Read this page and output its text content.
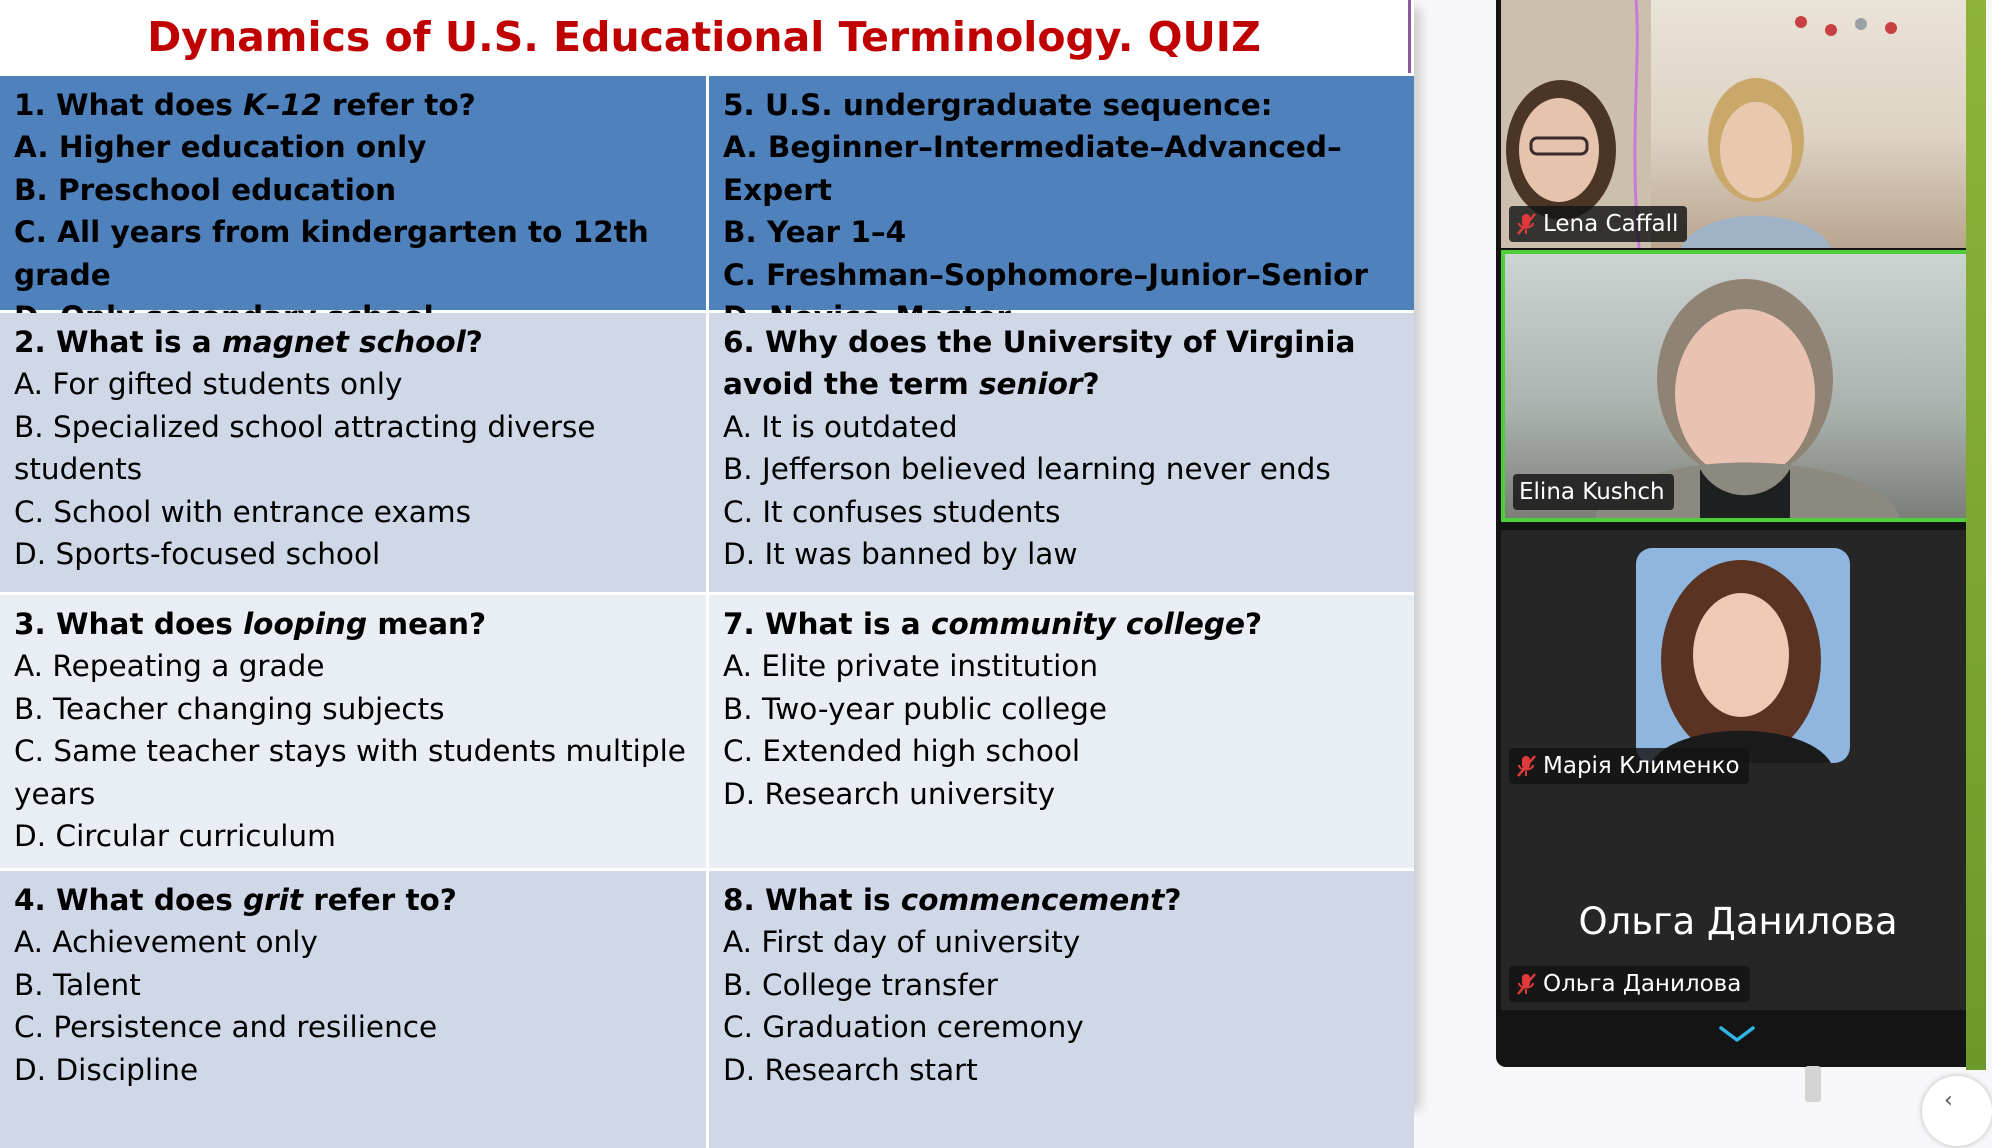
Dynamics of U.S. Educational Terminology. QUIZ
1. What does K–12 refer to?
A. Higher education only
B. Preschool education
C. All years from kindergarten to 12th grade
5. U.S. undergraduate sequence:
A. Beginner–Intermediate–Advanced–Expert
B. Year 1–4
C. Freshman–Sophomore–Junior–Senior
2. What is a magnet school?
A. For gifted students only
B. Specialized school attracting diverse students
C. School with entrance exams
D. Sports-focused school
6. Why does the University of Virginia avoid the term senior?
A. It is outdated
B. Jefferson believed learning never ends
C. It confuses students
D. It was banned by law
3. What does looping mean?
A. Repeating a grade
B. Teacher changing subjects
C. Same teacher stays with students multiple years
D. Circular curriculum
7. What is a community college?
A. Elite private institution
B. Two-year public college
C. Extended high school
D. Research university
4. What does grit refer to?
A. Achievement only
B. Talent
C. Persistence and resilience
D. Discipline
8. What is commencement?
A. First day of university
B. College transfer
C. Graduation ceremony
D. Research start
Lena Caffall
Elina Kushch
Марія Клименко
Ольга Данилова
Ольга Данилова
‹
